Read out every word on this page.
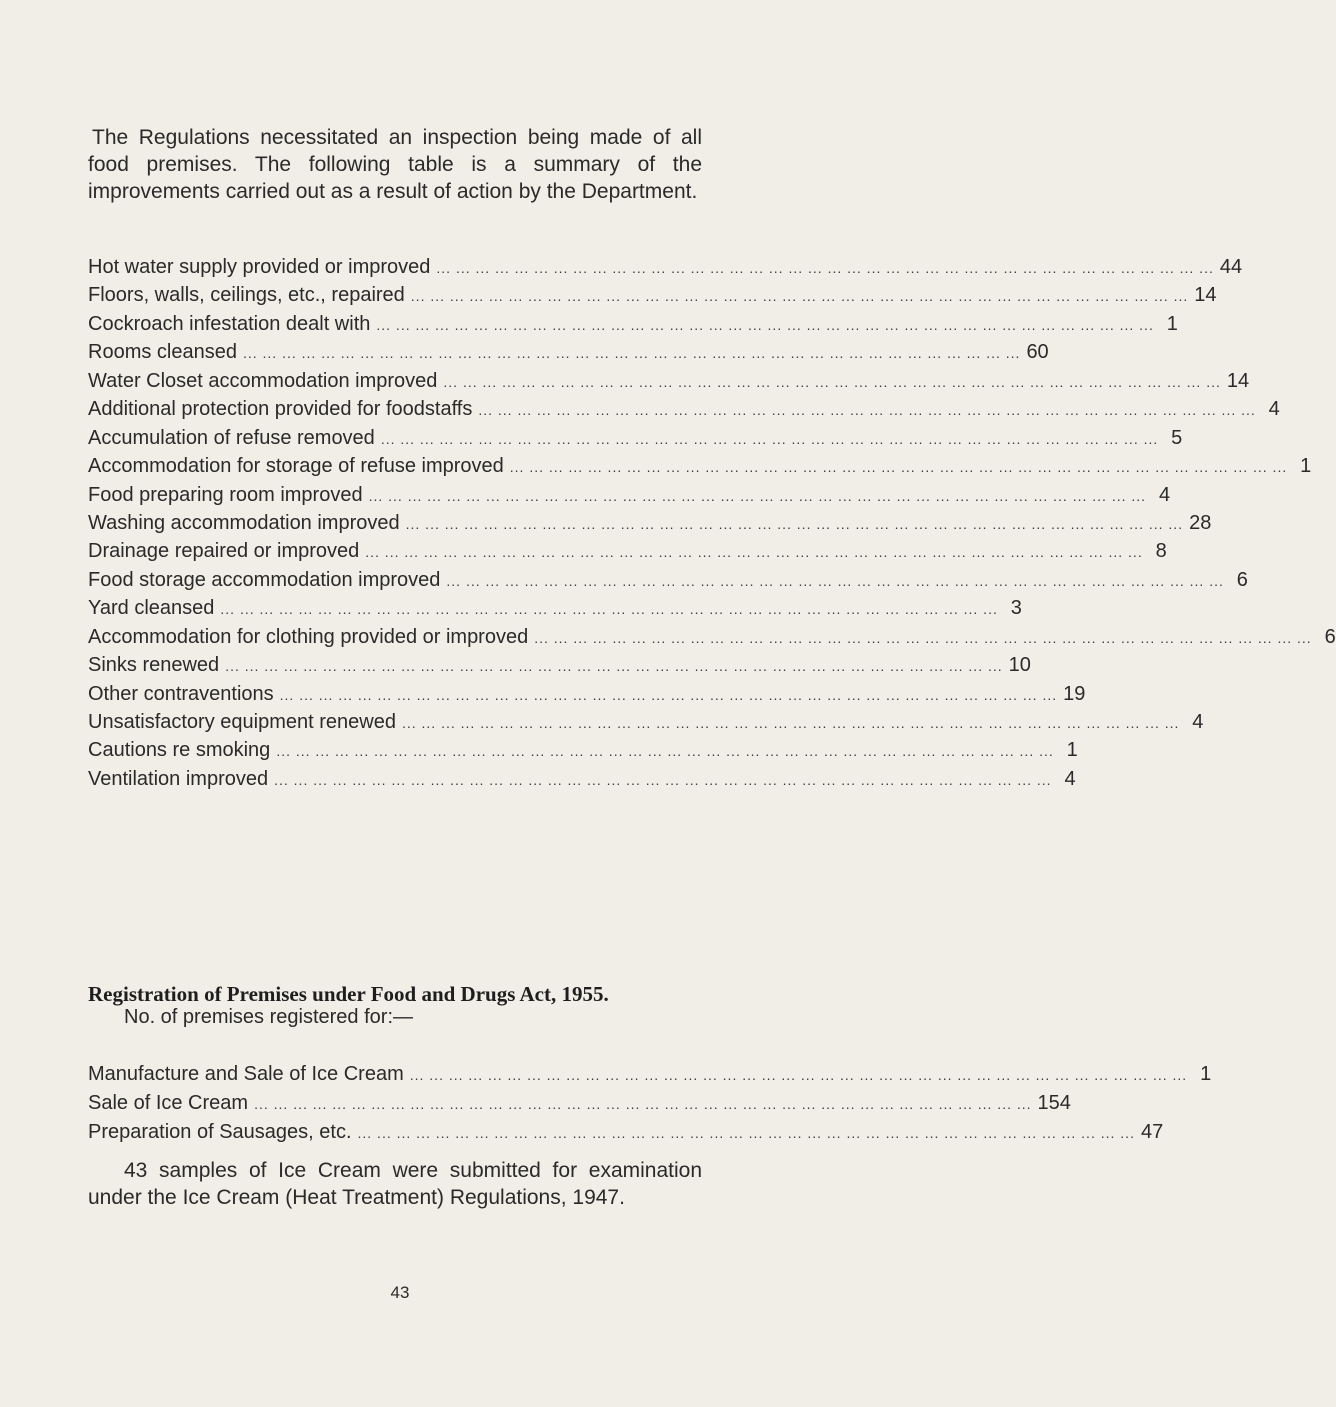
The Regulations necessitated an inspection being made of all food premises. The following table is a summary of the improvements carried out as a result of action by the Department.

Hot water supply provided or improved ... ... ... ... ... ... ... ... ... ... ... ... ... ... ... ... ... ... ... ... ... ... ... ... ... ... ... ... ... ... ... ... ... ... ... ... ... ... ... ... 44
Floors, walls, ceilings, etc., repaired ... ... ... ... ... ... ... ... ... ... ... ... ... ... ... ... ... ... ... ... ... ... ... ... ... ... ... ... ... ... ... ... ... ... ... ... ... ... ... ... 14
Cockroach infestation dealt with ... ... ... ... ... ... ... ... ... ... ... ... ... ... ... ... ... ... ... ... ... ... ... ... ... ... ... ... ... ... ... ... ... ... ... ... ... ... ... ... 1
Rooms cleansed ... ... ... ... ... ... ... ... ... ... ... ... ... ... ... ... ... ... ... ... ... ... ... ... ... ... ... ... ... ... ... ... ... ... ... ... ... ... ... ... 60
Water Closet accommodation improved ... ... ... ... ... ... ... ... ... ... ... ... ... ... ... ... ... ... ... ... ... ... ... ... ... ... ... ... ... ... ... ... ... ... ... ... ... ... ... ... 14
Additional protection provided for foodstaffs ... ... ... ... ... ... ... ... ... ... ... ... ... ... ... ... ... ... ... ... ... ... ... ... ... ... ... ... ... ... ... ... ... ... ... ... ... ... ... ... 4
Accumulation of refuse removed ... ... ... ... ... ... ... ... ... ... ... ... ... ... ... ... ... ... ... ... ... ... ... ... ... ... ... ... ... ... ... ... ... ... ... ... ... ... ... ... 5
Accommodation for storage of refuse improved ... ... ... ... ... ... ... ... ... ... ... ... ... ... ... ... ... ... ... ... ... ... ... ... ... ... ... ... ... ... ... ... ... ... ... ... ... ... ... ... 1
Food preparing room improved ... ... ... ... ... ... ... ... ... ... ... ... ... ... ... ... ... ... ... ... ... ... ... ... ... ... ... ... ... ... ... ... ... ... ... ... ... ... ... ... 4
Washing accommodation improved ... ... ... ... ... ... ... ... ... ... ... ... ... ... ... ... ... ... ... ... ... ... ... ... ... ... ... ... ... ... ... ... ... ... ... ... ... ... ... ... 28
Drainage repaired or improved ... ... ... ... ... ... ... ... ... ... ... ... ... ... ... ... ... ... ... ... ... ... ... ... ... ... ... ... ... ... ... ... ... ... ... ... ... ... ... ... 8
Food storage accommodation improved ... ... ... ... ... ... ... ... ... ... ... ... ... ... ... ... ... ... ... ... ... ... ... ... ... ... ... ... ... ... ... ... ... ... ... ... ... ... ... ... 6
Yard cleansed ... ... ... ... ... ... ... ... ... ... ... ... ... ... ... ... ... ... ... ... ... ... ... ... ... ... ... ... ... ... ... ... ... ... ... ... ... ... ... ... 3
Accommodation for clothing provided or improved ... ... ... ... ... ... ... ... ... ... ... ... ... ... ... ... ... ... ... ... ... ... ... ... ... ... ... ... ... ... ... ... ... ... ... ... ... ... ... ... 6
Sinks renewed ... ... ... ... ... ... ... ... ... ... ... ... ... ... ... ... ... ... ... ... ... ... ... ... ... ... ... ... ... ... ... ... ... ... ... ... ... ... ... ... 10
Other contraventions ... ... ... ... ... ... ... ... ... ... ... ... ... ... ... ... ... ... ... ... ... ... ... ... ... ... ... ... ... ... ... ... ... ... ... ... ... ... ... ... 19
Unsatisfactory equipment renewed ... ... ... ... ... ... ... ... ... ... ... ... ... ... ... ... ... ... ... ... ... ... ... ... ... ... ... ... ... ... ... ... ... ... ... ... ... ... ... ... 4
Cautions re smoking ... ... ... ... ... ... ... ... ... ... ... ... ... ... ... ... ... ... ... ... ... ... ... ... ... ... ... ... ... ... ... ... ... ... ... ... ... ... ... ... 1
Ventilation improved ... ... ... ... ... ... ... ... ... ... ... ... ... ... ... ... ... ... ... ... ... ... ... ... ... ... ... ... ... ... ... ... ... ... ... ... ... ... ... ... 4
Registration of Premises under Food and Drugs Act, 1955.

No. of premises registered for:—

Manufacture and Sale of Ice Cream ... ... ... ... ... ... ... ... ... ... ... ... ... ... ... ... ... ... ... ... ... ... ... ... ... ... ... ... ... ... ... ... ... ... ... ... ... ... ... ... 1
Sale of Ice Cream ... ... ... ... ... ... ... ... ... ... ... ... ... ... ... ... ... ... ... ... ... ... ... ... ... ... ... ... ... ... ... ... ... ... ... ... ... ... ... ... 154
Preparation of Sausages, etc. ... ... ... ... ... ... ... ... ... ... ... ... ... ... ... ... ... ... ... ... ... ... ... ... ... ... ... ... ... ... ... ... ... ... ... ... ... ... ... ... 47

43 samples of Ice Cream were submitted for examination under the Ice Cream (Heat Treatment) Regulations, 1947.

43
